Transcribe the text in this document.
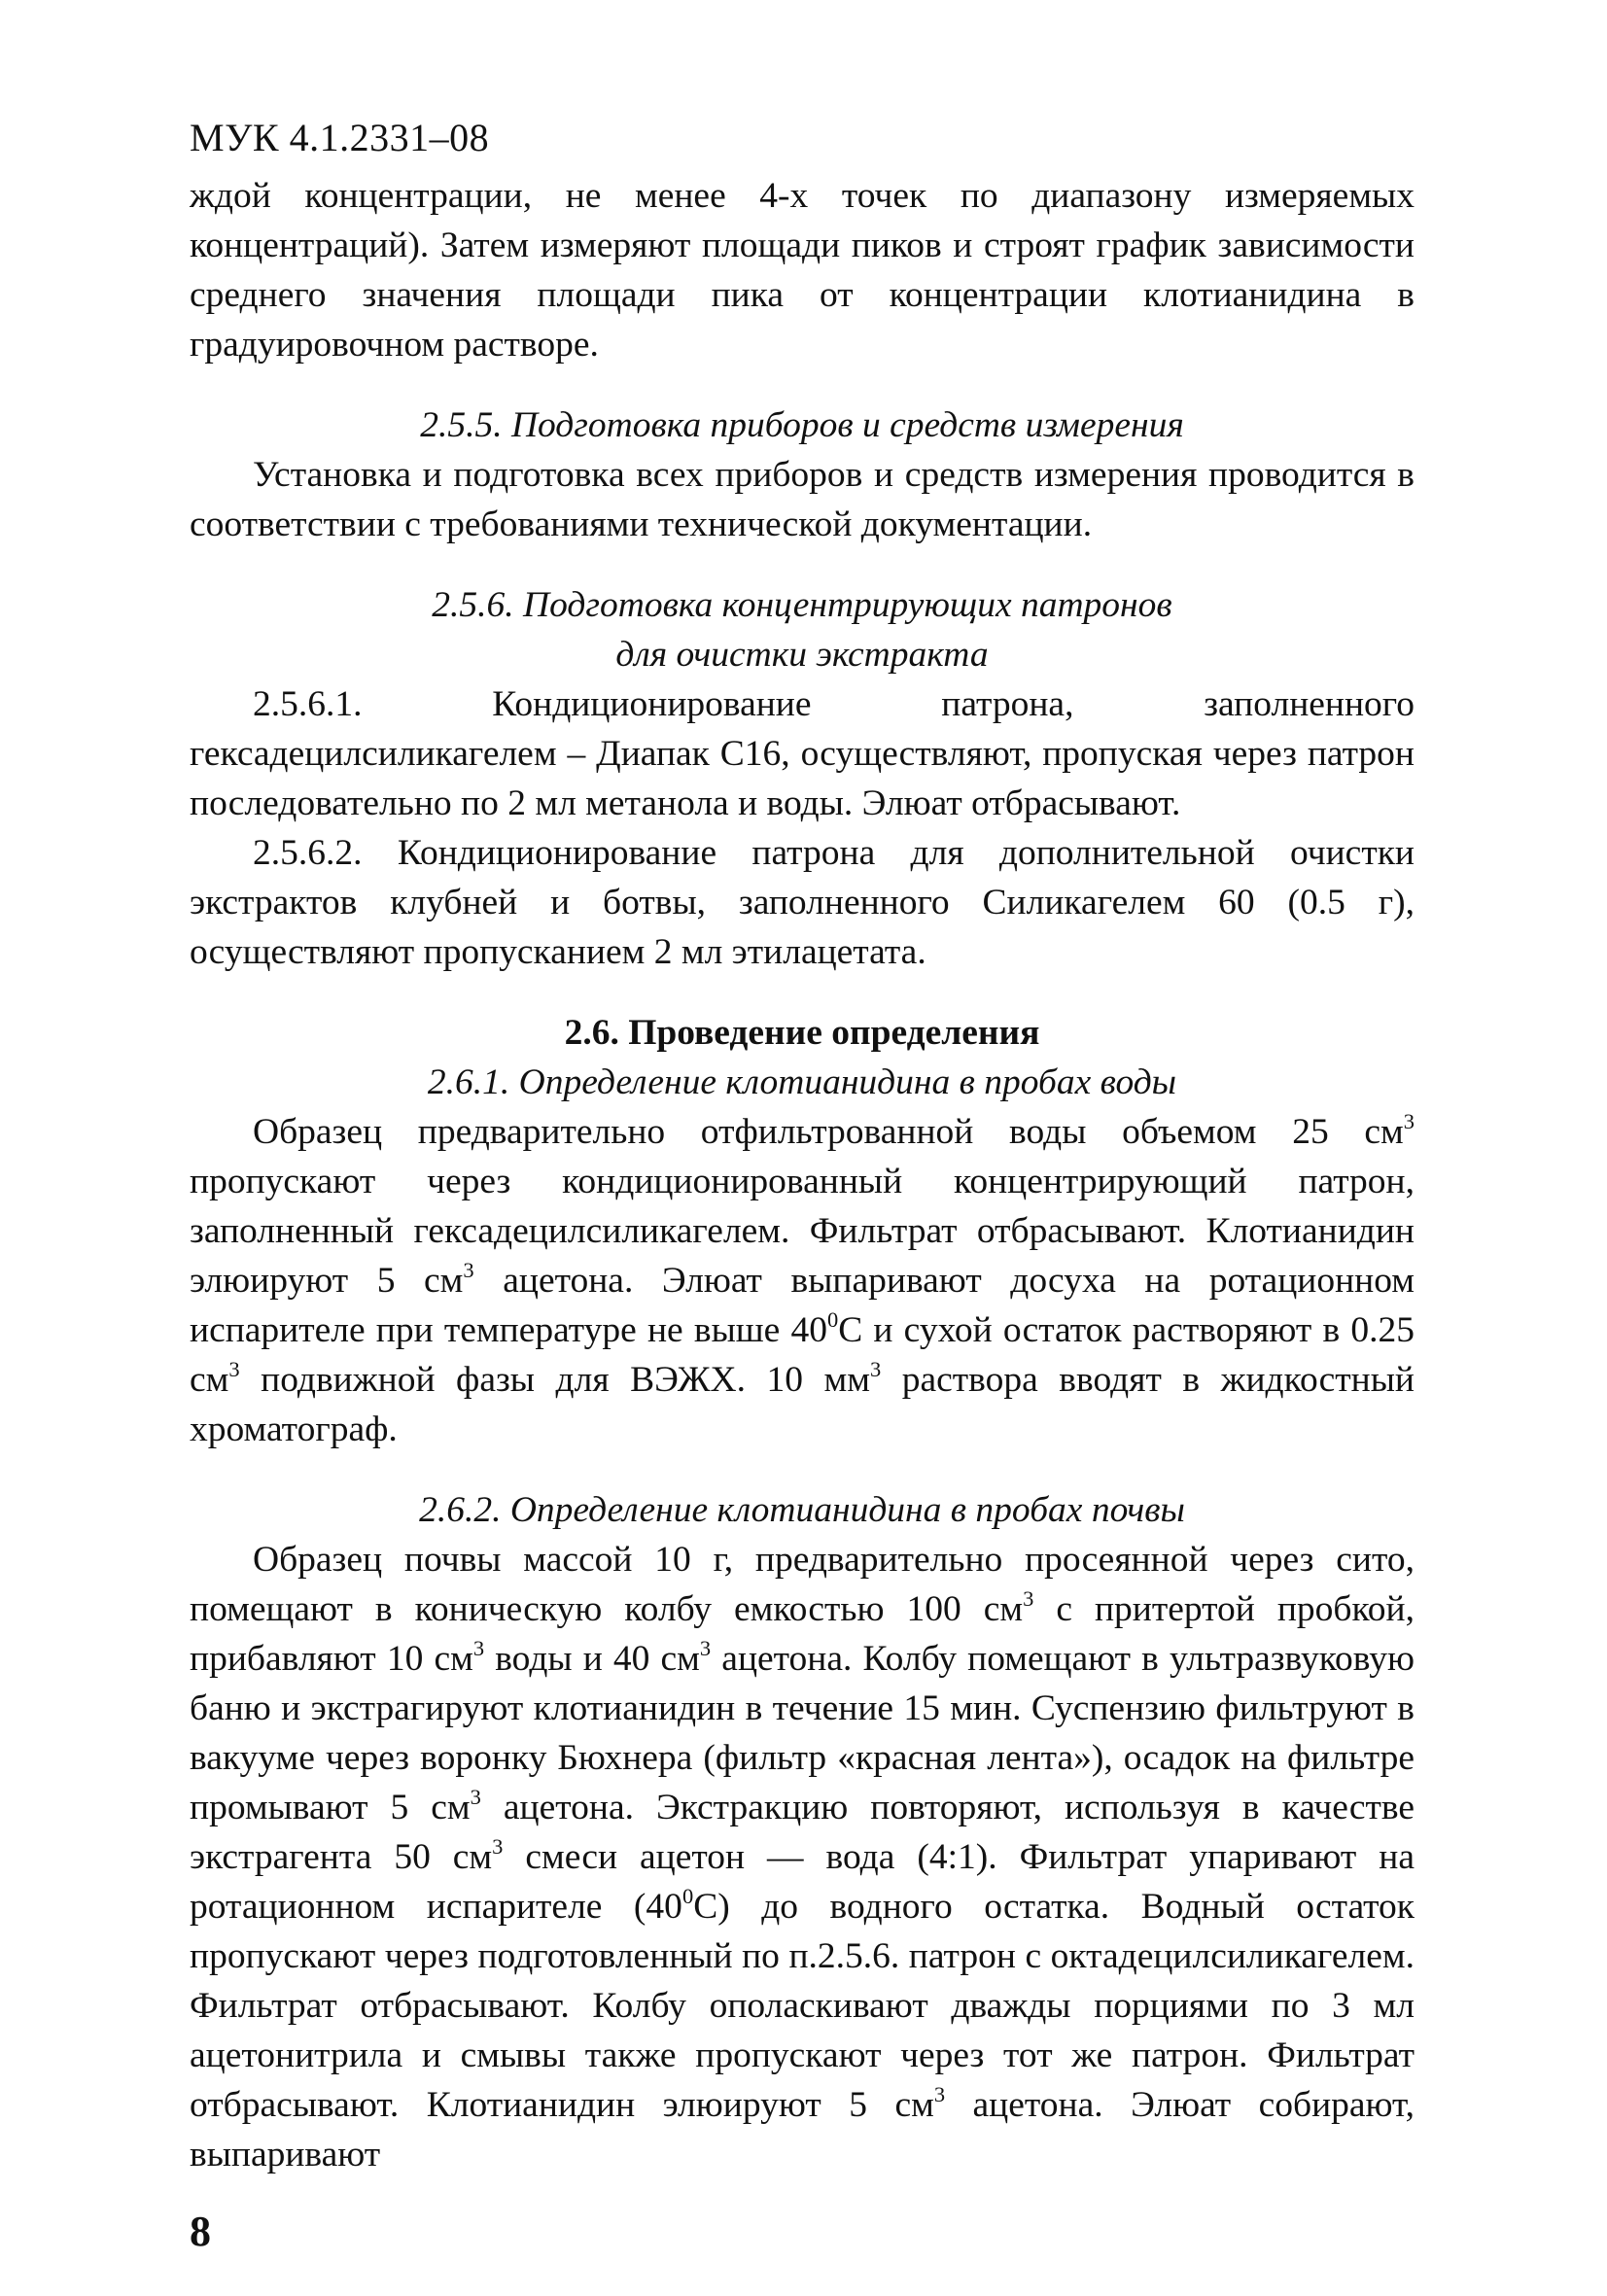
МУК 4.1.2331–08

ждой концентрации, не менее 4-х точек по диапазону измеряемых концентраций). Затем измеряют площади пиков и строят график зависимости среднего значения площади пика от концентрации клотианидина в градуировочном растворе.

2.5.5. Подготовка приборов и средств измерения

Установка и подготовка всех приборов и средств измерения проводится в соответствии с требованиями технической документации.

2.5.6. Подготовка концентрирующих патронов
для очистки экстракта

2.5.6.1. Кондиционирование патрона, заполненного гексадецилсиликагелем – Диапак С16, осуществляют, пропуская через патрон последовательно по 2 мл метанола и воды. Элюат отбрасывают.

2.5.6.2. Кондиционирование патрона для дополнительной очистки экстрактов клубней и ботвы, заполненного Силикагелем 60 (0.5 г), осуществляют пропусканием 2 мл этилацетата.

2.6. Проведение определения
2.6.1. Определение клотианидина в пробах воды

Образец предварительно отфильтрованной воды объемом 25 $см^3$ пропускают через кондиционированный концентрирующий патрон, заполненный гексадецилсиликагелем. Фильтрат отбрасывают. Клотианидин элюируют 5 $см^3$ ацетона. Элюат выпаривают досуха на ротационном испарителе при температуре не выше $40^0С$ и сухой остаток растворяют в 0.25 $см^3$ подвижной фазы для ВЭЖХ. 10 $мм^3$ раствора вводят в жидкостный хроматограф.

2.6.2. Определение клотианидина в пробах почвы

Образец почвы массой 10 г, предварительно просеянной через сито, помещают в коническую колбу емкостью 100 $см^3$ с притертой пробкой, прибавляют 10 $см^3$ воды и 40 $см^3$ ацетона. Колбу помещают в ультразвуковую баню и экстрагируют клотианидин в течение 15 мин. Суспензию фильтруют в вакууме через воронку Бюхнера (фильтр «красная лента»), осадок на фильтре промывают 5 $см^3$ ацетона. Экстракцию повторяют, используя в качестве экстрагента 50 $см^3$ смеси ацетон — вода (4:1). Фильтрат упаривают на ротационном испарителе $(40^0С)$ до водного остатка. Водный остаток пропускают через подготовленный по п.2.5.6. патрон с октадецилсиликагелем. Фильтрат отбрасывают. Колбу ополаскивают дважды порциями по 3 мл ацетонитрила и смывы также пропускают через тот же патрон. Фильтрат отбрасывают. Клотианидин элюируют 5 $см^3$ ацетона. Элюат собирают, выпаривают

8
